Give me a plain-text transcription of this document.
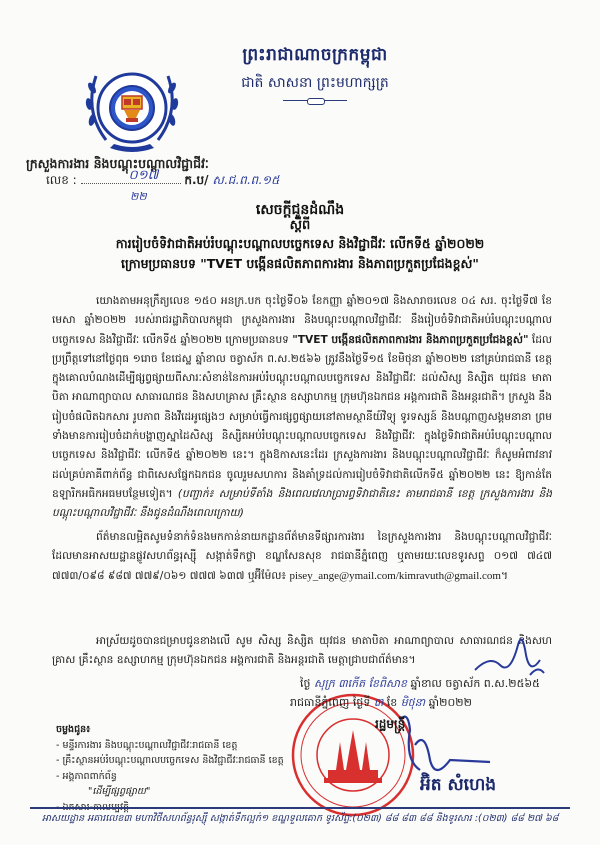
ព្រះរាជាណាចក្រកម្ពុជា
ជាតិ សាសនា ព្រះមហាក្សត្រ
ក្រសួងការងារ និងបណ្តុះបណ្តាលវិជ្ជាជីវៈ
លេខ :	០១៧ ក.ប/ ស.ជ.ព.ព.១៥
២២
សេចក្តីជូនដំណឹង
ស្តីពី
ការរៀបចំទិវាជាតិអប់រំបណ្តុះបណ្តាលបច្ចេកទេស និងវិជ្ជាជីវៈ លើកទី៥ ឆ្នាំ២០២២
ក្រោមប្រធានបទ "TVET បង្កើនផលិតភាពការងារ និងភាពប្រកួតប្រជែងខ្ពស់"

យោងតាមអនុក្រឹត្យលេខ ១៥០ អនក្រ.បក ចុះថ្ងៃទី០៦ ខែកញ្ញា ឆ្នាំ២០១៧ និងសារាចរលេខ ០៤ សរ. ចុះថ្ងៃទី៧ ខែមេសា ឆ្នាំ២០២២ របស់រាជរដ្ឋាភិបាលកម្ពុជា ក្រសួងការងារ និងបណ្តុះបណ្តាលវិជ្ជាជីវៈ នឹងរៀបចំទិវាជាតិអប់រំបណ្តុះបណ្តាលបច្ចេកទេស និងវិជ្ជាជីវៈ លើកទី៥ ឆ្នាំ២០២២ ក្រោមប្រធានបទ "TVET បង្កើនផលិតភាពការងារ និងភាពប្រកួតប្រជែងខ្ពស់" ដែលប្រព្រឹត្តទៅនៅថ្ងៃពុធ ១រោច ខែជេស្ឋ ឆ្នាំខាល ចត្វាស័ក ព.ស.២៥៦៦ ត្រូវនឹងថ្ងៃទី១៥ ខែមិថុនា ឆ្នាំ២០២២ នៅគ្រប់រាជធានី ខេត្ត ក្នុងគោលបំណងដើម្បីផ្សព្វផ្សាយពីសារៈសំខាន់នៃការអប់រំបណ្តុះបណ្តាលបច្ចេកទេស និងវិជ្ជាជីវៈ ដល់សិស្ស និស្សិត យុវជន មាតាបិតា អាណាព្យាបាល សាធារណជន និងសហគ្រាស គ្រឹះស្ថាន ឧស្សាហកម្ម ក្រុមហ៊ុនឯកជន អង្គការជាតិ និងអន្តរជាតិ។ ក្រសួង នឹងរៀបចំផលិតឯកសារ រូបភាព និងវីដេអូផ្សេងៗ សម្រាប់ធ្វើការផ្សព្វផ្សាយនៅតាមស្ថានីយ៍វិទ្យុ ទូរទស្សន៍ និងបណ្តាញសង្គមនានា ព្រមទាំងមានការរៀបចំដាក់បង្ហាញស្នាដៃសិស្ស និស្សិតអប់រំបណ្តុះបណ្តាលបច្ចេកទេស និងវិជ្ជាជីវៈ ក្នុងថ្ងៃទិវាជាតិអប់រំបណ្តុះបណ្តាលបច្ចេកទេស និងវិជ្ជាជីវៈ លើកទី៥ ឆ្នាំ២០២២ នេះ។ ក្នុងឱកាសនេះដែរ ក្រសួងការងារ និងបណ្តុះបណ្តាលវិជ្ជាជីវៈ ក៏សូមអំពាវនាវដល់គ្រប់ភាគីពាក់ព័ន្ធ ជាពិសេសផ្នែកឯកជន ចូលរួមសហការ និងគាំទ្រដល់ការរៀបចំទិវាជាតិលើកទី៥ ឆ្នាំ២០២២ នេះ ឱ្យកាន់តែឧឡារិកអធិកអធមបន្ថែមទៀត។ (បញ្ជាក់៖ សម្រាប់ទីតាំង និងពេលវេលាប្រារព្ធទិវាជាតិនេះ តាមរាជធានី ខេត្ត ក្រសួងការងារ និងបណ្តុះបណ្តាលវិជ្ជាជីវៈ នឹងជូនដំណឹងពេលក្រោយ)

ព័ត៌មានលម្អិតសូមទំនាក់ទំនងមកកាន់នាយកដ្ឋានព័ត៌មានទីផ្សារការងារ នៃក្រសួងការងារ និងបណ្តុះបណ្តាលវិជ្ជាជីវៈ ដែលមានអាសយដ្ឋានផ្លូវសហព័ន្ធរុស្ស៊ី សង្កាត់ទឹកថ្លា ខណ្ឌសែនសុខ រាជធានីភ្នំពេញ ឬតាមរយៈលេខទូរសព្ទ ០១៧ ៧៤៧ ៧៧៣/០៩៨ ៩៨៧ ៧៧៩/០៦១ ៧៧៧ ៦៣៧ ឬអ៊ីម៉ែល៖ pisey_ange@ymail.com/kimravuth@gmail.com។

អាស្រ័យដូចបានជម្រាបជូនខាងលើ សូម សិស្ស និស្សិត យុវជន មាតាបិតា អាណាព្យាបាល សាធារណជន និងសហគ្រាស គ្រឹះស្ថាន ឧស្សាហកម្ម ក្រុមហ៊ុនឯកជន អង្គការជាតិ និងអន្តរជាតិ មេត្តាជ្រាបជាព័ត៌មាន។

ថ្ងៃ សុក្រ ៣កើត ខែពិសាខ ឆ្នាំខាល ចត្វាស័ក ព.ស.២៥៦៥
រាជធានីភ្នំពេញ ថ្ងៃទី ៣ ខែ មិថុនា ឆ្នាំ២០២២
រដ្ឋមន្ត្រី
អ៊ិត សំហេង
ចម្លងជូន៖
- មន្ទីរការងារ និងបណ្តុះបណ្តាលវិជ្ជាជីវៈរាជធានី ខេត្ត
- គ្រឹះស្ថានអប់រំបណ្តុះបណ្តាលបច្ចេកទេស និងវិជ្ជាជីវៈរាជធានី ខេត្ត
- អង្គភាពពាក់ព័ន្ធ
"ដើម្បីផ្សព្វផ្សាយ"
អាសយដ្ឋាន អគារលេខ៣ មហាវិថីសហព័ន្ធរុស្ស៊ី សង្កាត់ទឹកល្អក់១ ខណ្ឌទួលគោក ទូរស័ព្ទ:(០២៣) ៨៨ ៨៣ ៨៨ និងទូរសារ :(០២៣) ៨៨ ២៧ ៦៨
